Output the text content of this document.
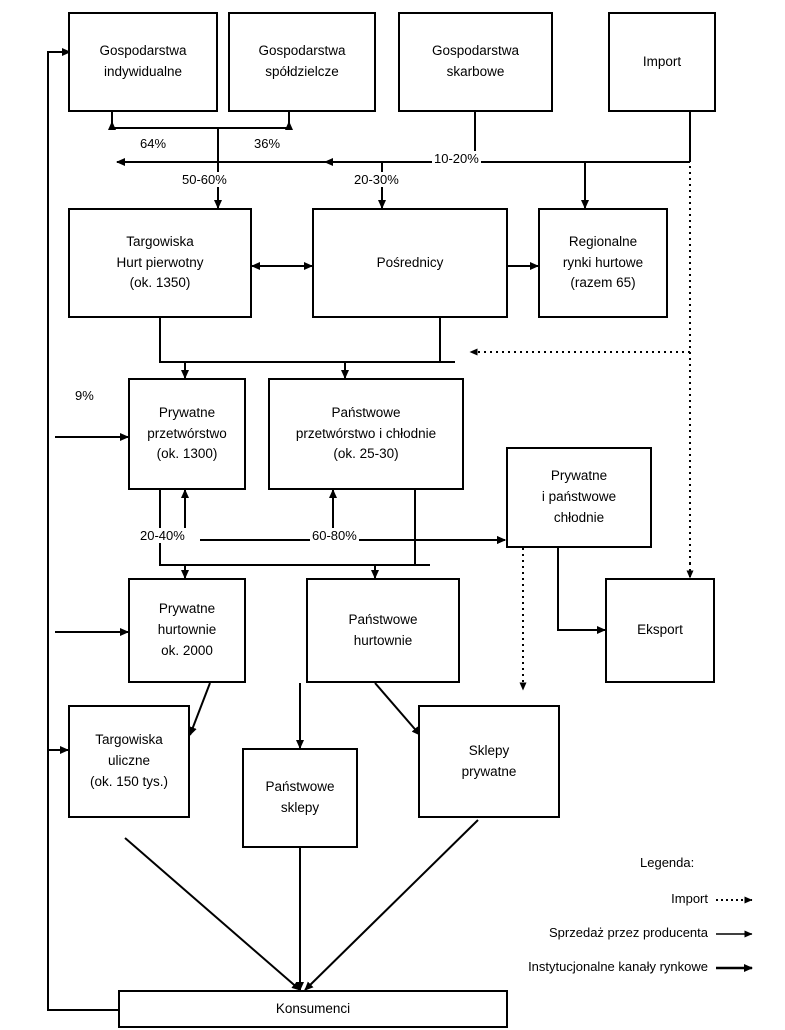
Gospodarstwa
indywidualne
Gospodarstwa
spółdzielcze
Gospodarstwa
skarbowe
Import
Targowiska
Hurt pierwotny
(ok. 1350)
Pośrednicy
Regionalne
rynki hurtowe
(razem 65)
Prywatne
przetwórstwo
(ok. 1300)
Państwowe
przetwórstwo i chłodnie
(ok. 25-30)
Prywatne
i państwowe
chłodnie
Prywatne
hurtownie
ok. 2000
Państwowe
hurtownie
Eksport
Targowiska
uliczne
(ok. 150 tys.)	Państwowe
sklepy
Sklepy
prywatne
Konsumenci
64%	36%
10-20%
50-60%	20-30%
9%
20-40%	60-80%
Legenda:
Import
Sprzedaż przez producenta
Instytucjonalne kanały rynkowe
